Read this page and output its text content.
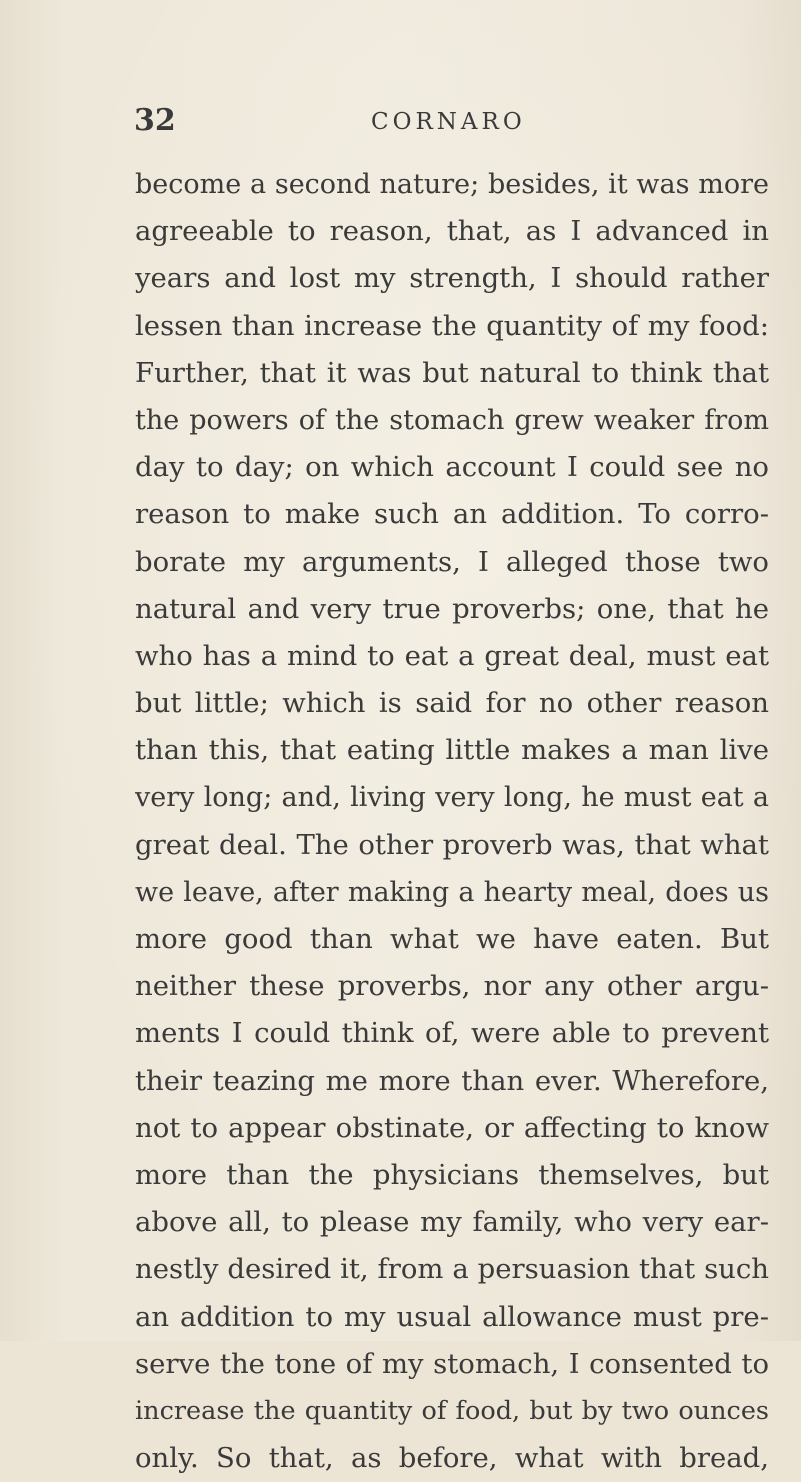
32	CORNARO
become a second nature; besides, it was more
agreeable to reason, that, as I advanced in
years and lost my strength, I should rather
lessen than increase the quantity of my food:
Further, that it was but natural to think that
the powers of the stomach grew weaker from
day to day; on which account I could see no
reason to make such an addition. To corro-
borate my arguments, I alleged those two
natural and very true proverbs; one, that he
who has a mind to eat a great deal, must eat
but little; which is said for no other reason
than this, that eating little makes a man live
very long; and, living very long, he must eat a
great deal. The other proverb was, that what
we leave, after making a hearty meal, does us
more good than what we have eaten. But
neither these proverbs, nor any other argu-
ments I could think of, were able to prevent
their teazing me more than ever. Wherefore,
not to appear obstinate, or affecting to know
more than the physicians themselves, but
above all, to please my family, who very ear-
nestly desired it, from a persuasion that such
an addition to my usual allowance must pre-
serve the tone of my stomach, I consented to
increase the quantity of food, but by two ounces
only. So that, as before, what with bread,
